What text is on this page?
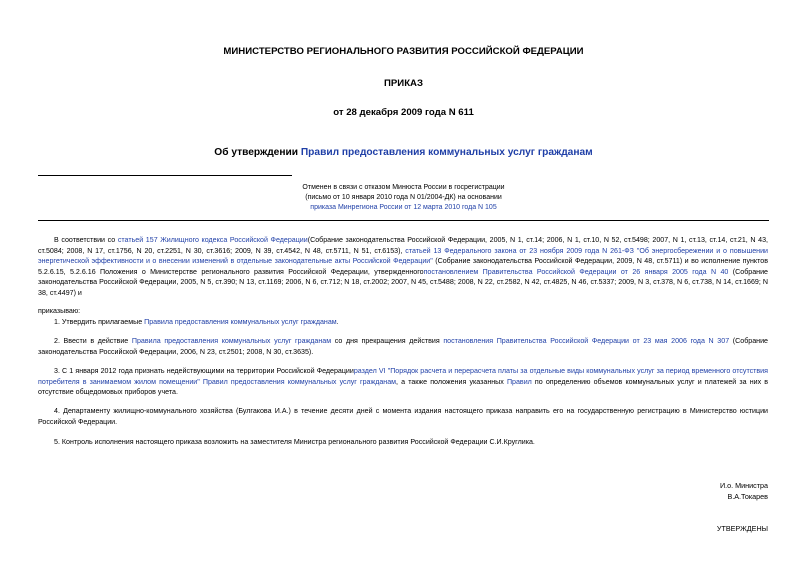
МИНИСТЕРСТВО РЕГИОНАЛЬНОГО РАЗВИТИЯ РОССИЙСКОЙ ФЕДЕРАЦИИ
ПРИКАЗ
от 28 декабря 2009 года N 611
Об утверждении Правил предоставления коммунальных услуг гражданам
Отменен в связи с отказом Минюста России в госрегистрации
(письмо от 10 января 2010 года N 01/2004-ДК) на основании
приказа Минрегиона России от 12 марта 2010 года N 105
В соответствии со статьей 157 Жилищного кодекса Российской Федерации(Собрание законодательства Российской Федерации, 2005, N 1, ст.14; 2006, N 1, ст.10, N 52, ст.5498; 2007, N 1, ст.13, ст.14, ст.21, N 43, ст.5084; 2008, N 17, ст.1756, N 20, ст.2251, N 30, ст.3616; 2009, N 39, ст.4542, N 48, ст.5711, N 51, ст.6153), статьей 13 Федерального закона от 23 ноября 2009 года N 261-ФЗ "Об энергосбережении и о повышении энергетической эффективности и о внесении изменений в отдельные законодательные акты Российской Федерации" (Собрание законодательства Российской Федерации, 2009, N 48, ст.5711) и во исполнение пунктов 5.2.6.15, 5.2.6.16 Положения о Министерстве регионального развития Российской Федерации, утвержденногопостановлением Правительства Российской Федерации от 26 января 2005 года N 40 (Собрание законодательства Российской Федерации, 2005, N 5, ст.390; N 13, ст.1169; 2006, N 6, ст.712; N 18, ст.2002; 2007, N 45, ст.5488; 2008, N 22, ст.2582, N 42, ст.4825, N 46, ст.5337; 2009, N 3, ст.378, N 6, ст.738, N 14, ст.1669; N 38, ст.4497) и
приказываю:
1. Утвердить прилагаемые Правила предоставления коммунальных услуг гражданам.
2. Ввести в действие Правила предоставления коммунальных услуг гражданам со дня прекращения действия постановления Правительства Российской Федерации от 23 мая 2006 года N 307 (Собрание законодательства Российской Федерации, 2006, N 23, ст.2501; 2008, N 30, ст.3635).
3. С 1 января 2012 года признать недействующими на территории Российской Федерациираздел VI "Порядок расчета и перерасчета платы за отдельные виды коммунальных услуг за период временного отсутствия потребителя в занимаемом жилом помещении" Правил предоставления коммунальных услуг гражданам, а также положения указанных Правил по определению объемов коммунальных услуг и платежей за них в отсутствие общедомовых приборов учета.
4. Департаменту жилищно-коммунального хозяйства (Булгакова И.А.) в течение десяти дней с момента издания настоящего приказа направить его на государственную регистрацию в Министерство юстиции Российской Федерации.
5. Контроль исполнения настоящего приказа возложить на заместителя Министра регионального развития Российской Федерации С.И.Круглика.
И.о. Министра
В.А.Токарев
УТВЕРЖДЕНЫ
